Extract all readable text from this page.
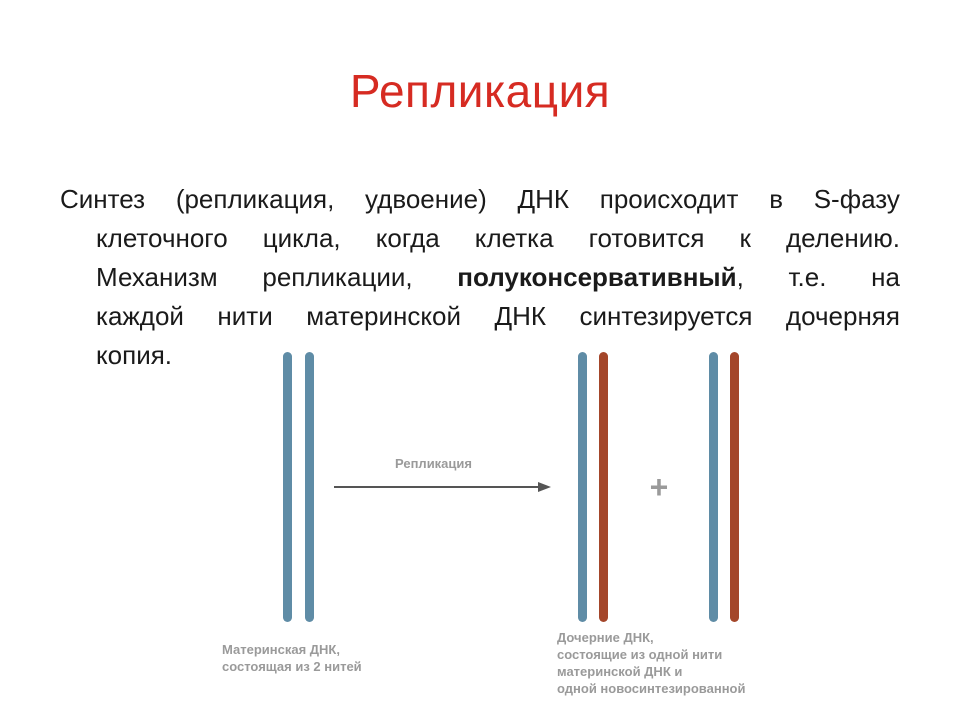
Репликация
Синтез (репликация, удвоение) ДНК происходит в S-фазу
клеточного цикла, когда клетка готовится к делению.
Механизм репликации, полуконсервативный, т.е. на
каждой нити материнской ДНК синтезируется дочерняя
копия.
Репликация
+
Материнская ДНК,
состоящая из 2 нитей
Дочерние ДНК,
состоящие из одной нити
материнской ДНК и
одной новосинтезированной
